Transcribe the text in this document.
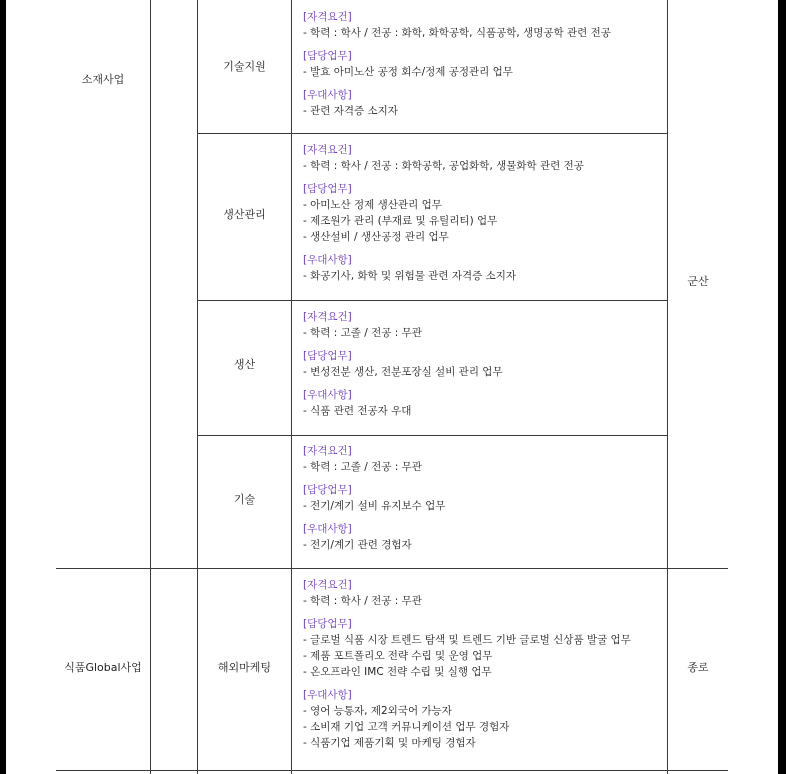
소재사업
기술지원
[자격요건]
- 학력 : 학사 / 전공 : 화학, 화학공학, 식품공학, 생명공학 관련 전공
[담당업무]
- 발효 아미노산 공정 회수/정제 공정관리 업무
[우대사항]
- 관련 자격증 소지자
생산관리
군산
[자격요건]
- 학력 : 학사 / 전공 : 화학공학, 공업화학, 생물화학 관련 전공
[담당업무]
- 아미노산 정제 생산관리 업무
- 제조원가 관리 (부재료 및 유틸리티) 업무
- 생산설비 / 생산공정 관리 업무
[우대사항]
- 화공기사, 화학 및 위험물 관련 자격증 소지자
생산
[자격요건]
- 학력 : 고졸 / 전공 : 무관
[담당업무]
- 변성전분 생산, 전분포장실 설비 관리 업무
[우대사항]
- 식품 관련 전공자 우대
기술
[자격요건]
- 학력 : 고졸 / 전공 : 무관
[담당업무]
- 전기/계기 설비 유지보수 업무
[우대사항]
- 전기/계기 관련 경험자
식품Global사업	해외마케팅	종로
[자격요건]
- 학력 : 학사 / 전공 : 무관
[담당업무]
- 글로벌 식품 시장 트렌드 탐색 및 트렌드 기반 글로벌 신상품 발굴 업무
- 제품 포트폴리오 전략 수립 및 운영 업무
- 온오프라인 IMC 전략 수립 및 실행 업무
[우대사항]
- 영어 능통자, 제2외국어 가능자
- 소비재 기업 고객 커뮤니케이션 업무 경험자
- 식품기업 제품기획 및 마케팅 경험자
